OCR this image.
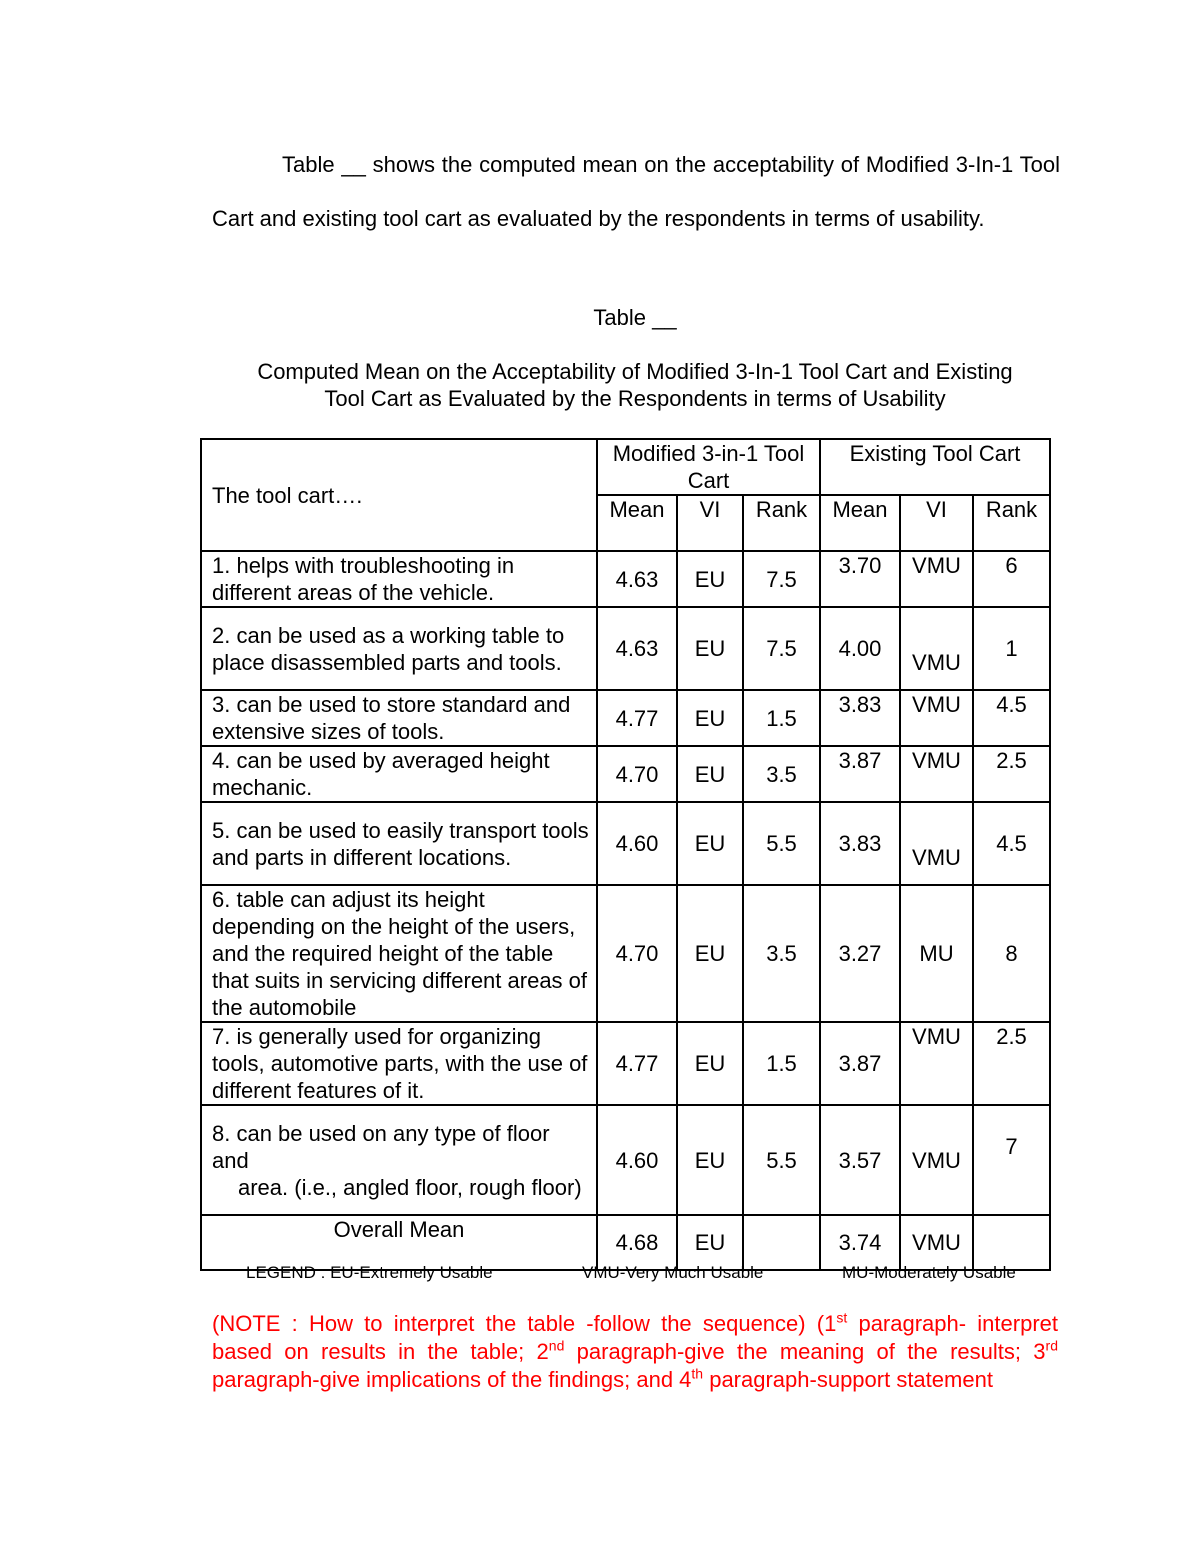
Table __ shows the computed mean on the acceptability of Modified 3-In-1 Tool Cart and existing tool cart as evaluated by the respondents in terms of usability.

Table __

Computed Mean on the Acceptability of Modified 3-In-1 Tool Cart and Existing
Tool Cart as Evaluated by the Respondents in terms of Usability

The tool cart….	Modified 3-in-1 Tool Cart			Existing Tool Cart		
	Mean	VI	Rank	Mean	VI	Rank
1. helps with troubleshooting in different areas of the vehicle.	4.63	EU	7.5	3.70	VMU	6
2. can be used as a working table to place disassembled parts and tools.	4.63	EU	7.5	4.00	VMU	1
3. can be used to store standard and extensive sizes of tools.	4.77	EU	1.5	3.83	VMU	4.5
4. can be used by averaged height mechanic.	4.70	EU	3.5	3.87	VMU	2.5
5. can be used to easily transport tools and parts in different locations.	4.60	EU	5.5	3.83	VMU	4.5
6. table can adjust its height depending on the height of the users, and the required height of the table that suits in servicing different areas of the automobile	4.70	EU	3.5	3.27	MU	8
7. is generally used for organizing tools, automotive parts, with the use of different features of it.	4.77	EU	1.5	3.87	VMU	2.5
8. can be used on any type of floor and
area. (i.e., angled floor, rough floor)	4.60	EU	5.5	3.57	VMU	7
Overall Mean	4.68	EU		3.74	VMU	
LEGEND : EU-Extremely Usable	VMU-Very Much Usable	MU-Moderately Usable

(NOTE : How to interpret the table -follow the sequence) (1st paragraph- interpret based on results in the table; 2nd paragraph-give the meaning of the results; 3rd paragraph-give implications of the findings; and 4th paragraph-support statement
